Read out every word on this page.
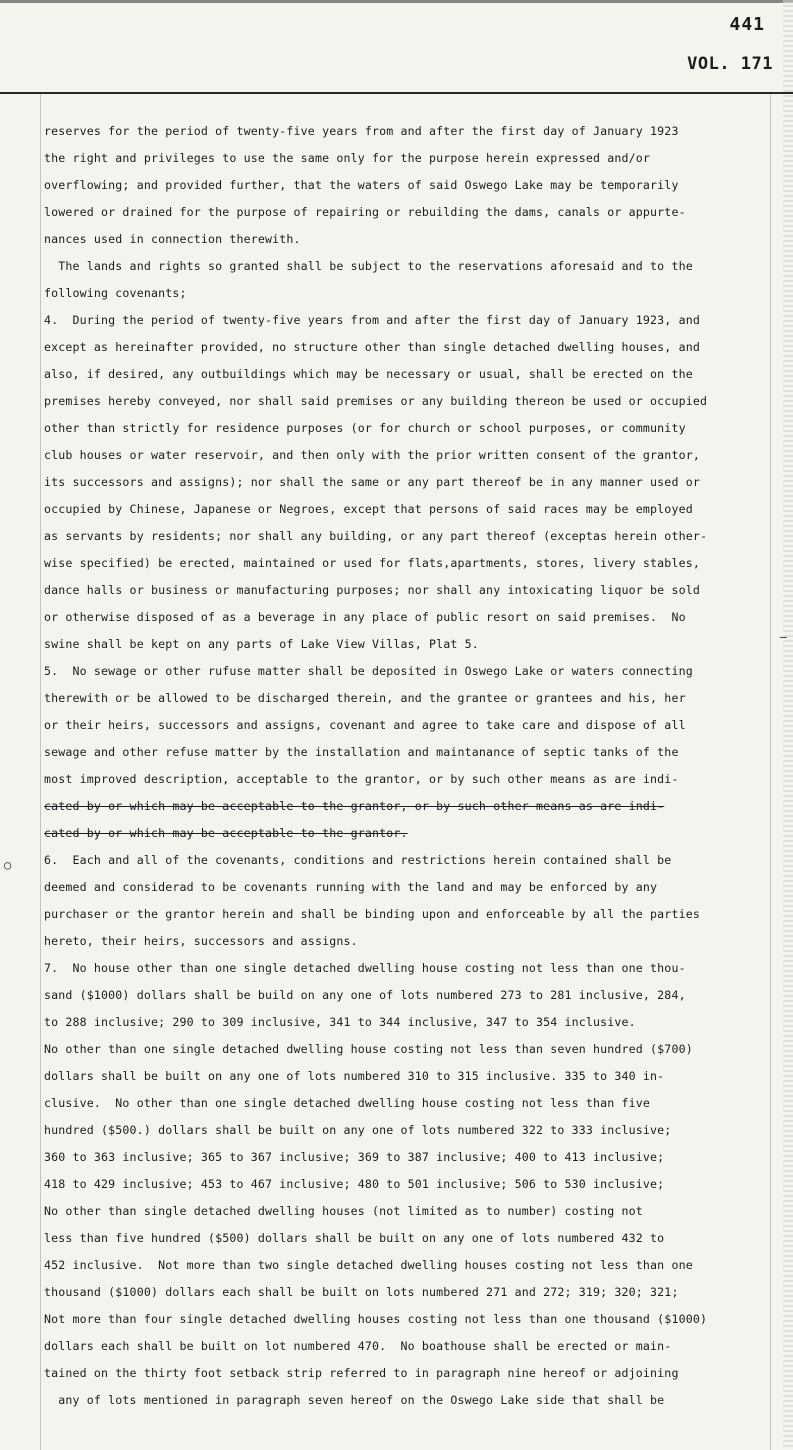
441
VOL. 171
reserves for the period of twenty-five years from and after the first day of January 1923
the right and privileges to use the same only for the purpose herein expressed and/or
overflowing; and provided further, that the waters of said Oswego Lake may be temporarily
lowered or drained for the purpose of repairing or rebuilding the dams, canals or appurte-
nances used in connection therewith.
The lands and rights so granted shall be subject to the reservations aforesaid and to the
following covenants;
4.  During the period of twenty-five years from and after the first day of January 1923, and
except as hereinafter provided, no structure other than single detached dwelling houses, and
also, if desired, any outbuildings which may be necessary or usual, shall be erected on the
premises hereby conveyed, nor shall said premises or any building thereon be used or occupied
other than strictly for residence purposes (or for church or school purposes, or community
club houses or water reservoir, and then only with the prior written consent of the grantor,
its successors and assigns); nor shall the same or any part thereof be in any manner used or
occupied by Chinese, Japanese or Negroes, except that persons of said races may be employed
as servants by residents; nor shall any building, or any part thereof (exceptas herein other-
wise specified) be erected, maintained or used for flats,apartments, stores, livery stables,
dance halls or business or manufacturing purposes; nor shall any intoxicating liquor be sold
or otherwise disposed of as a beverage in any place of public resort on said premises.  No
swine shall be kept on any parts of Lake View Villas, Plat 5.
5.  No sewage or other rufuse matter shall be deposited in Oswego Lake or waters connecting
therewith or be allowed to be discharged therein, and the grantee or grantees and his, her
or their heirs, successors and assigns, covenant and agree to take care and dispose of all
sewage and other refuse matter by the installation and maintanance of septic tanks of the
most improved description, acceptable to the grantor, or by such other means as are indi-
cated by or which may be acceptable to the grantor, or by such other means as are indi-
cated by or which may be acceptable to the grantor.
6.  Each and all of the covenants, conditions and restrictions herein contained shall be
deemed and considerad to be covenants running with the land and may be enforced by any
purchaser or the grantor herein and shall be binding upon and enforceable by all the parties
hereto, their heirs, successors and assigns.
7.  No house other than one single detached dwelling house costing not less than one thou-
sand ($1000) dollars shall be build on any one of lots numbered 273 to 281 inclusive, 284,
to 288 inclusive; 290 to 309 inclusive, 341 to 344 inclusive, 347 to 354 inclusive.
No other than one single detached dwelling house costing not less than seven hundred ($700)
dollars shall be built on any one of lots numbered 310 to 315 inclusive. 335 to 340 in-
clusive.  No other than one single detached dwelling house costing not less than five
hundred ($500.) dollars shall be built on any one of lots numbered 322 to 333 inclusive;
360 to 363 inclusive; 365 to 367 inclusive; 369 to 387 inclusive; 400 to 413 inclusive;
418 to 429 inclusive; 453 to 467 inclusive; 480 to 501 inclusive; 506 to 530 inclusive;
No other than single detached dwelling houses (not limited as to number) costing not
less than five hundred ($500) dollars shall be built on any one of lots numbered 432 to
452 inclusive.  Not more than two single detached dwelling houses costing not less than one
thousand ($1000) dollars each shall be built on lots numbered 271 and 272; 319; 320; 321;
Not more than four single detached dwelling houses costing not less than one thousand ($1000)
dollars each shall be built on lot numbered 470.  No boathouse shall be erected or main-
tained on the thirty foot setback strip referred to in paragraph nine hereof or adjoining
any of lots mentioned in paragraph seven hereof on the Oswego Lake side that shall be
○
—
